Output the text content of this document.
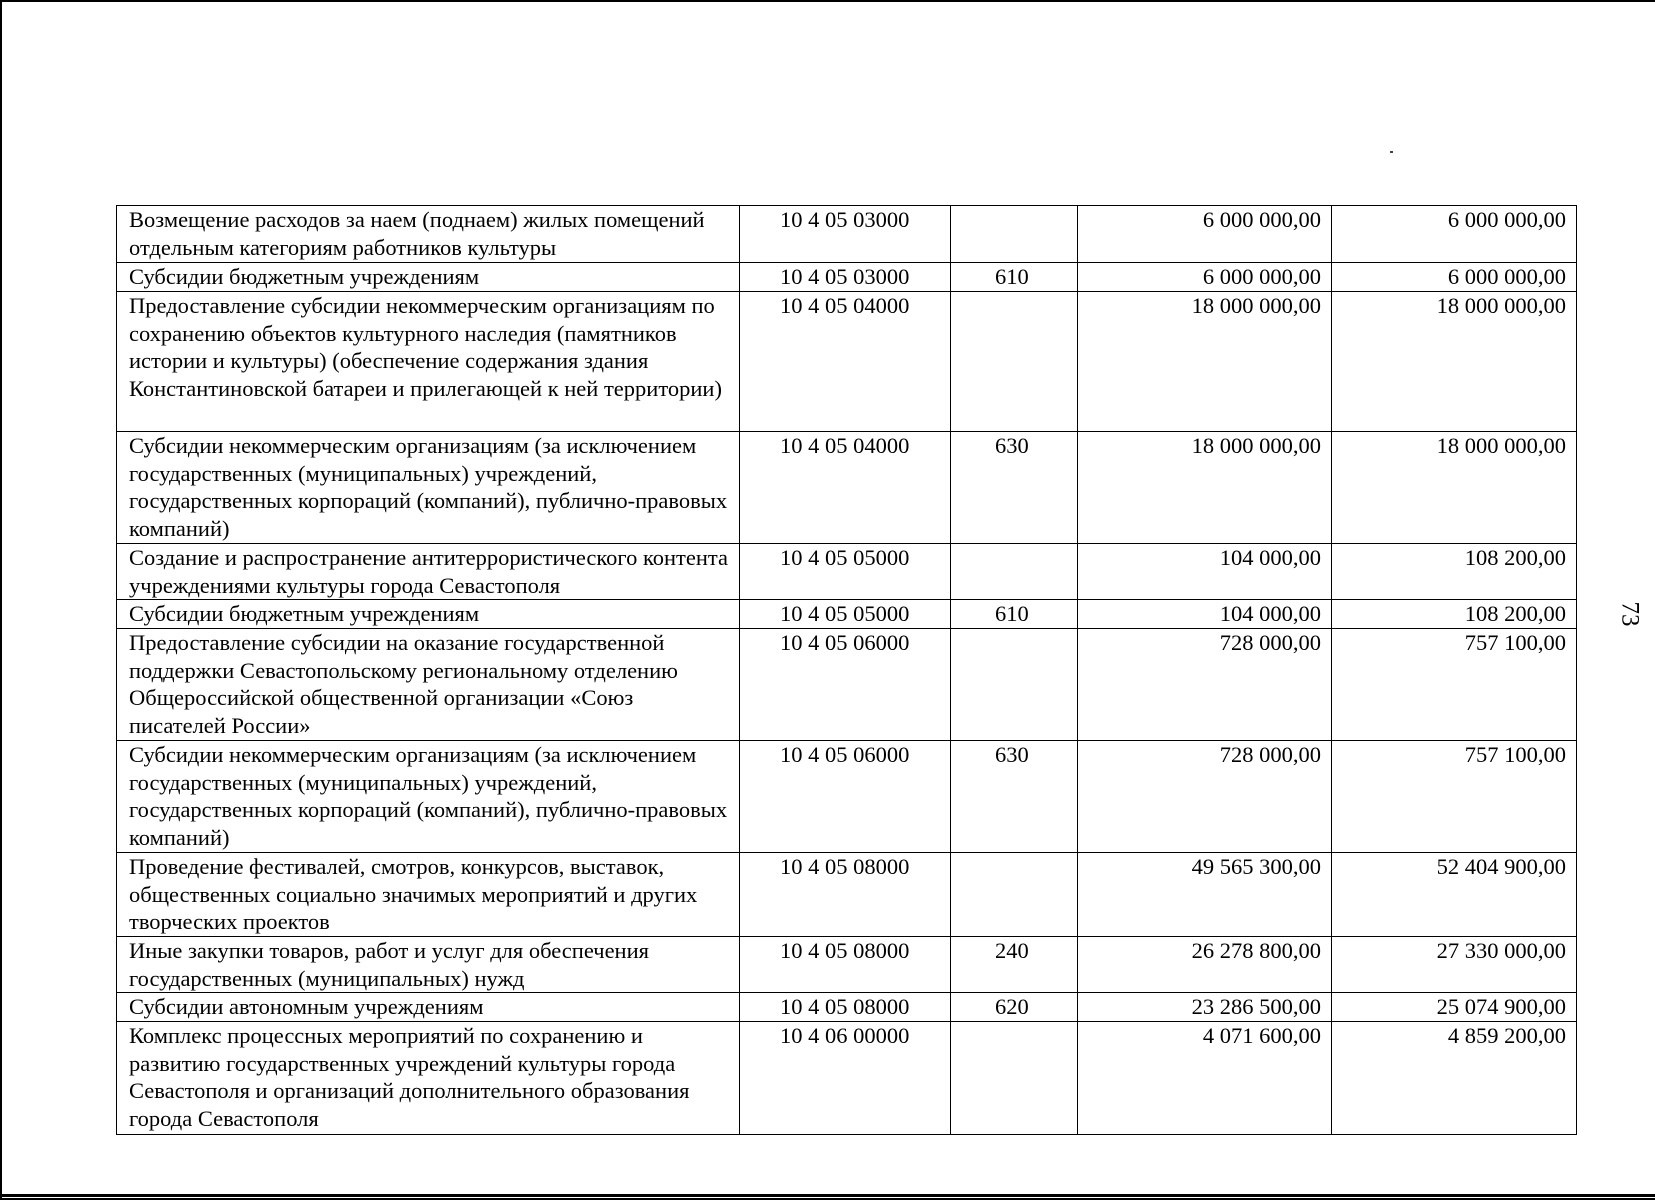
73
Возмещение расходов за наем (поднаем) жилых помещений отдельным категориям работников культуры	10 4 05 03000		6 000 000,00	6 000 000,00
Субсидии бюджетным учреждениям	10 4 05 03000	610	6 000 000,00	6 000 000,00
Предоставление субсидии некоммерческим организациям по сохранению объектов культурного наследия (памятников истории и культуры) (обеспечение содержания здания Константиновской батареи и прилегающей к ней территории)	10 4 05 04000		18 000 000,00	18 000 000,00
Субсидии некоммерческим организациям (за исключением государственных (муниципальных) учреждений, государственных корпораций (компаний), публично-правовых компаний)	10 4 05 04000	630	18 000 000,00	18 000 000,00
Создание и распространение антитеррористического контента учреждениями культуры города Севастополя	10 4 05 05000		104 000,00	108 200,00
Субсидии бюджетным учреждениям	10 4 05 05000	610	104 000,00	108 200,00
Предоставление субсидии на оказание государственной поддержки Севастопольскому региональному отделению Общероссийской общественной организации «Союз писателей России»	10 4 05 06000		728 000,00	757 100,00
Субсидии некоммерческим организациям (за исключением государственных (муниципальных) учреждений, государственных корпораций (компаний), публично-правовых компаний)	10 4 05 06000	630	728 000,00	757 100,00
Проведение фестивалей, смотров, конкурсов, выставок, общественных социально значимых мероприятий и других творческих проектов	10 4 05 08000		49 565 300,00	52 404 900,00
Иные закупки товаров, работ и услуг для обеспечения государственных (муниципальных) нужд	10 4 05 08000	240	26 278 800,00	27 330 000,00
Субсидии автономным учреждениям	10 4 05 08000	620	23 286 500,00	25 074 900,00
Комплекс процессных мероприятий по сохранению и развитию государственных учреждений культуры города Севастополя и организаций дополнительного образования города Севастополя	10 4 06 00000		4 071 600,00	4 859 200,00
